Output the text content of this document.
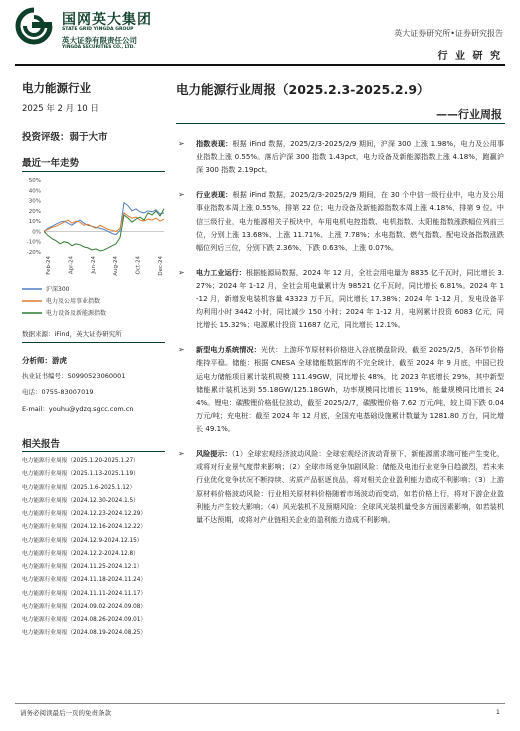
国网英大集团
STATE GRID YINGDA GROUP
英大证券有限责任公司
YINGDA SECURITIES CO., LTD.
英大证券研究所•证券研究报告
行 业 研 究
电力能源行业
2025 年 2 月 10 日
投资评级：弱于大市
最近一年走势
50%
40%
30%
20%
10%
0%
-10%
-20%
Feb-24	Apr-24	Jun-24	Aug-24	Oct-24	Dec-24
沪深300
电力及公用事业指数
电力设备及新能源指数
数据来源：iFind，英大证券研究所
分析师：游虎
执业证书编号：S0990523060001
电话：0755-83007019
E-mail：youhu@ydzq.sgcc.com.cn
相关报告
电力能源行业周报（2025.1.20-2025.1.27）
电力能源行业周报（2025.1.13-2025.1.19）
电力能源行业周报（2025.1.6-2025.1.12）
电力能源行业周报（2024.12.30-2024.1.5）
电力能源行业周报（2024.12.23-2024.12.29）
电力能源行业周报（2024.12.16-2024.12.22）
电力能源行业周报（2024.12.9-2024.12.15）
电力能源行业周报（2024.12.2-2024.12.8）
电力能源行业周报（2024.11.25-2024.12.1）
电力能源行业周报（2024.11.18-2024.11.24）
电力能源行业周报（2024.11.11-2024.11.17）
电力能源行业周报（2024.09.02-2024.09.08）
电力能源行业周报（2024.08.26-2024.09.01）
电力能源行业周报（2024.08.19-2024.08.25）
电力能源行业周报（2025.2.3-2025.2.9）
——行业周报

➢ 指数表现：根据 iFind 数据，2025/2/3-2025/2/9 期间，沪深 300 上涨 1.98%，电力及公用事业指数上涨 0.55%。落后沪深 300 指数 1.43pct，电力设备及新能源指数上涨 4.18%，跑赢沪深 300 指数 2.19pct。

➢ 行业表现：根据 iFind 数据，2025/2/3-2025/2/9 期间，在 30 个中信一级行业中，电力及公用事业指数本周上涨 0.55%，排第 22 位；电力设备及新能源指数本周上涨 4.18%，排第 9 位。中信三级行业，电力能源相关子板块中，车用电机电控指数、电机指数、太阳能指数涨跌幅位列前三位，分别上涨 13.68%、上涨 11.71%、上涨 7.78%；水电指数、燃气指数、配电设备指数涨跌幅位列后三位，分别下跌 2.36%、下跌 0.63%、上涨 0.07%。

➢ 电力工业运行：根据能源局数据，2024 年 12 月，全社会用电量为 8835 亿千瓦时，同比增长 3.27%；2024 年 1-12 月，全社会用电量累计为 98521 亿千瓦时，同比增长 6.81%。2024 年 1-12 月，新增发电装机容量 43323 万千瓦，同比增长 17.38%；2024 年 1-12 月，发电设备平均利用小时 3442 小时，同比减少 150 小时；2024 年 1-12 月，电网累计投资 6083 亿元，同比增长 15.32%；电源累计投资 11687 亿元，同比增长 12.1%。

➢ 新型电力系统情况：光伏：上游环节原材料价格进入谷底横盘阶段，截至 2025/2/5，各环节价格维持平稳。储能：根据 CNESA 全球储能数据库的不完全统计，截至 2024 年 9 月底，中国已投运电力储能项目累计装机规模 111.49GW，同比增长 48%，比 2023 年底增长 29%，其中新型储能累计装机达到 55.18GW/125.18GWh，功率规模同比增长 119%，能量规模同比增长 244%。锂电：碳酸锂价格低位波动，截至 2025/2/7，碳酸锂价格 7.62 万元/吨，较上周下跌 0.04 万元/吨；充电桩：截至 2024 年 12 月底，全国充电基础设施累计数量为 1281.80 万台，同比增长 49.1%。

➢ 风险提示：（1）全球宏观经济波动风险：全球宏观经济波动背景下，新能源需求端可能产生变化，或将对行业景气度带来影响；（2）全球市场竞争加剧风险：储能及电池行业竞争日趋激烈，若未来行业优化竞争状况不断持续、劣质产品驱逐良品，将对相关企业盈利能力造成不利影响；（3）上游原材料价格波动风险：行业相关原材料价格随着市场波动而变动，如若价格上行，将对下游企业盈利能力产生较大影响；（4）风光装机不及预期风险：全球风光装机量受多方面因素影响，如若装机量不达预期，或将对产业链相关企业的盈利能力造成不利影响。

请务必阅读最后一页的免责条款	1
